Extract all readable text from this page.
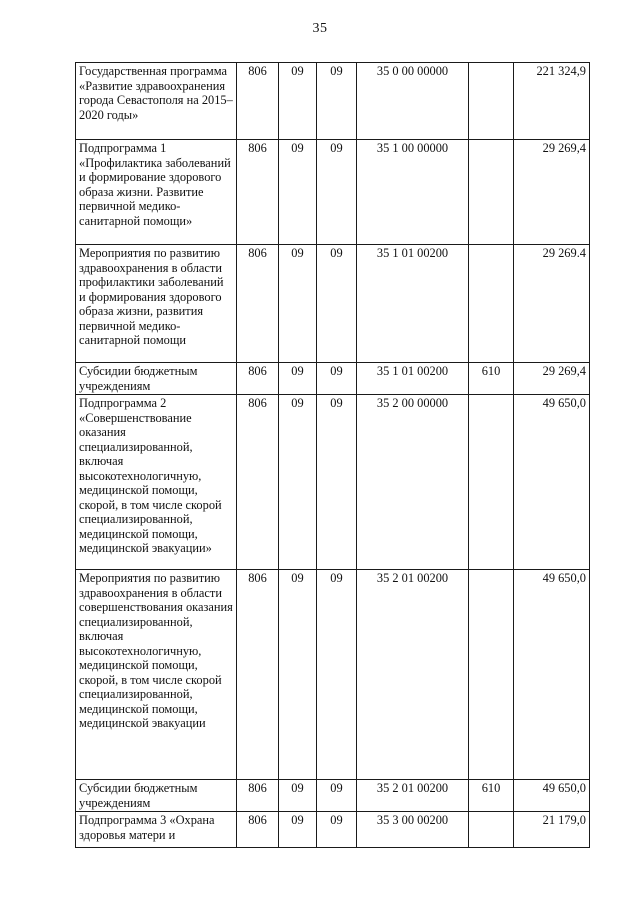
35
Государственная программа «Развитие здравоохранения города Севастополя на 2015–2020 годы»	806	09	09	35 0 00 00000		221 324,9
Подпрограмма 1 «Профилактика заболеваний и формирование здорового образа жизни. Развитие первичной медико-санитарной помощи»	806	09	09	35 1 00 00000		29 269,4
Мероприятия по развитию здравоохранения в области профилактики заболеваний и формирования здорового образа жизни, развития первичной медико-санитарной помощи	806	09	09	35 1 01 00200		29 269.4
Субсидии бюджетным учреждениям	806	09	09	35 1 01 00200	610	29 269,4
Подпрограмма 2 «Совершенствование оказания специализированной, включая высокотехнологичную, медицинской помощи, скорой, в том числе скорой специализированной, медицинской помощи, медицинской эвакуации»	806	09	09	35 2 00 00000		49 650,0
Мероприятия по развитию здравоохранения в области совершенствования оказания специализированной, включая высокотехнологичную, медицинской помощи, скорой, в том числе скорой специализированной, медицинской помощи, медицинской эвакуации	806	09	09	35 2 01 00200		49 650,0
Субсидии бюджетным учреждениям	806	09	09	35 2 01 00200	610	49 650,0
Подпрограмма 3 «Охрана здоровья матери и	806	09	09	35 3 00 00200		21 179,0
